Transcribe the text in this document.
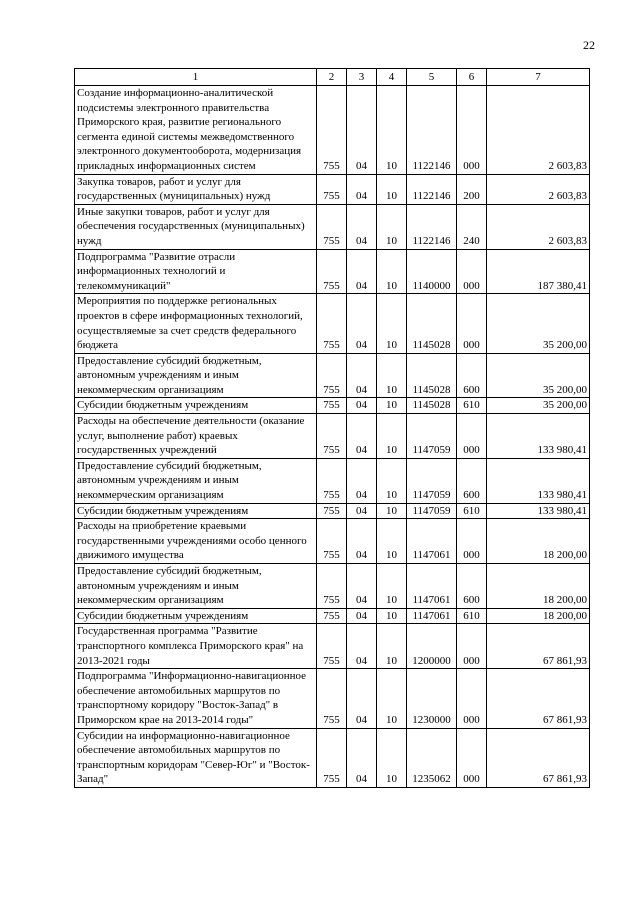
22
1	2	3	4	5	6	7
Создание информационно-аналитической подсистемы электронного правительства Приморского края, развитие регионального сегмента единой системы межведомственного электронного документооборота, модернизация прикладных информационных систем	755	04	10	1122146	000	2 603,83
Закупка товаров, работ и услуг для государственных (муниципальных) нужд	755	04	10	1122146	200	2 603,83
Иные закупки товаров, работ и услуг для обеспечения государственных (муниципальных) нужд	755	04	10	1122146	240	2 603,83
Подпрограмма "Развитие отрасли информационных технологий и телекоммуникаций"	755	04	10	1140000	000	187 380,41
Мероприятия по поддержке региональных проектов в сфере информационных технологий, осуществляемые за счет средств федерального бюджета	755	04	10	1145028	000	35 200,00
Предоставление субсидий бюджетным, автономным учреждениям и иным некоммерческим организациям	755	04	10	1145028	600	35 200,00
Субсидии бюджетным учреждениям	755	04	10	1145028	610	35 200,00
Расходы на обеспечение деятельности (оказание услуг, выполнение работ) краевых государственных учреждений	755	04	10	1147059	000	133 980,41
Предоставление субсидий бюджетным, автономным учреждениям и иным некоммерческим организациям	755	04	10	1147059	600	133 980,41
Субсидии бюджетным учреждениям	755	04	10	1147059	610	133 980,41
Расходы на приобретение краевыми государственными учреждениями особо ценного движимого имущества	755	04	10	1147061	000	18 200,00
Предоставление субсидий бюджетным, автономным учреждениям и иным некоммерческим организациям	755	04	10	1147061	600	18 200,00
Субсидии бюджетным учреждениям	755	04	10	1147061	610	18 200,00
Государственная программа "Развитие транспортного комплекса Приморского края" на 2013-2021 годы	755	04	10	1200000	000	67 861,93
Подпрограмма "Информационно-навигационное обеспечение автомобильных маршрутов по транспортному коридору "Восток-Запад" в Приморском крае на 2013-2014 годы"	755	04	10	1230000	000	67 861,93
Субсидии на информационно-навигационное обеспечение автомобильных маршрутов по транспортным коридорам "Север-Юг" и "Восток-Запад"	755	04	10	1235062	000	67 861,93
